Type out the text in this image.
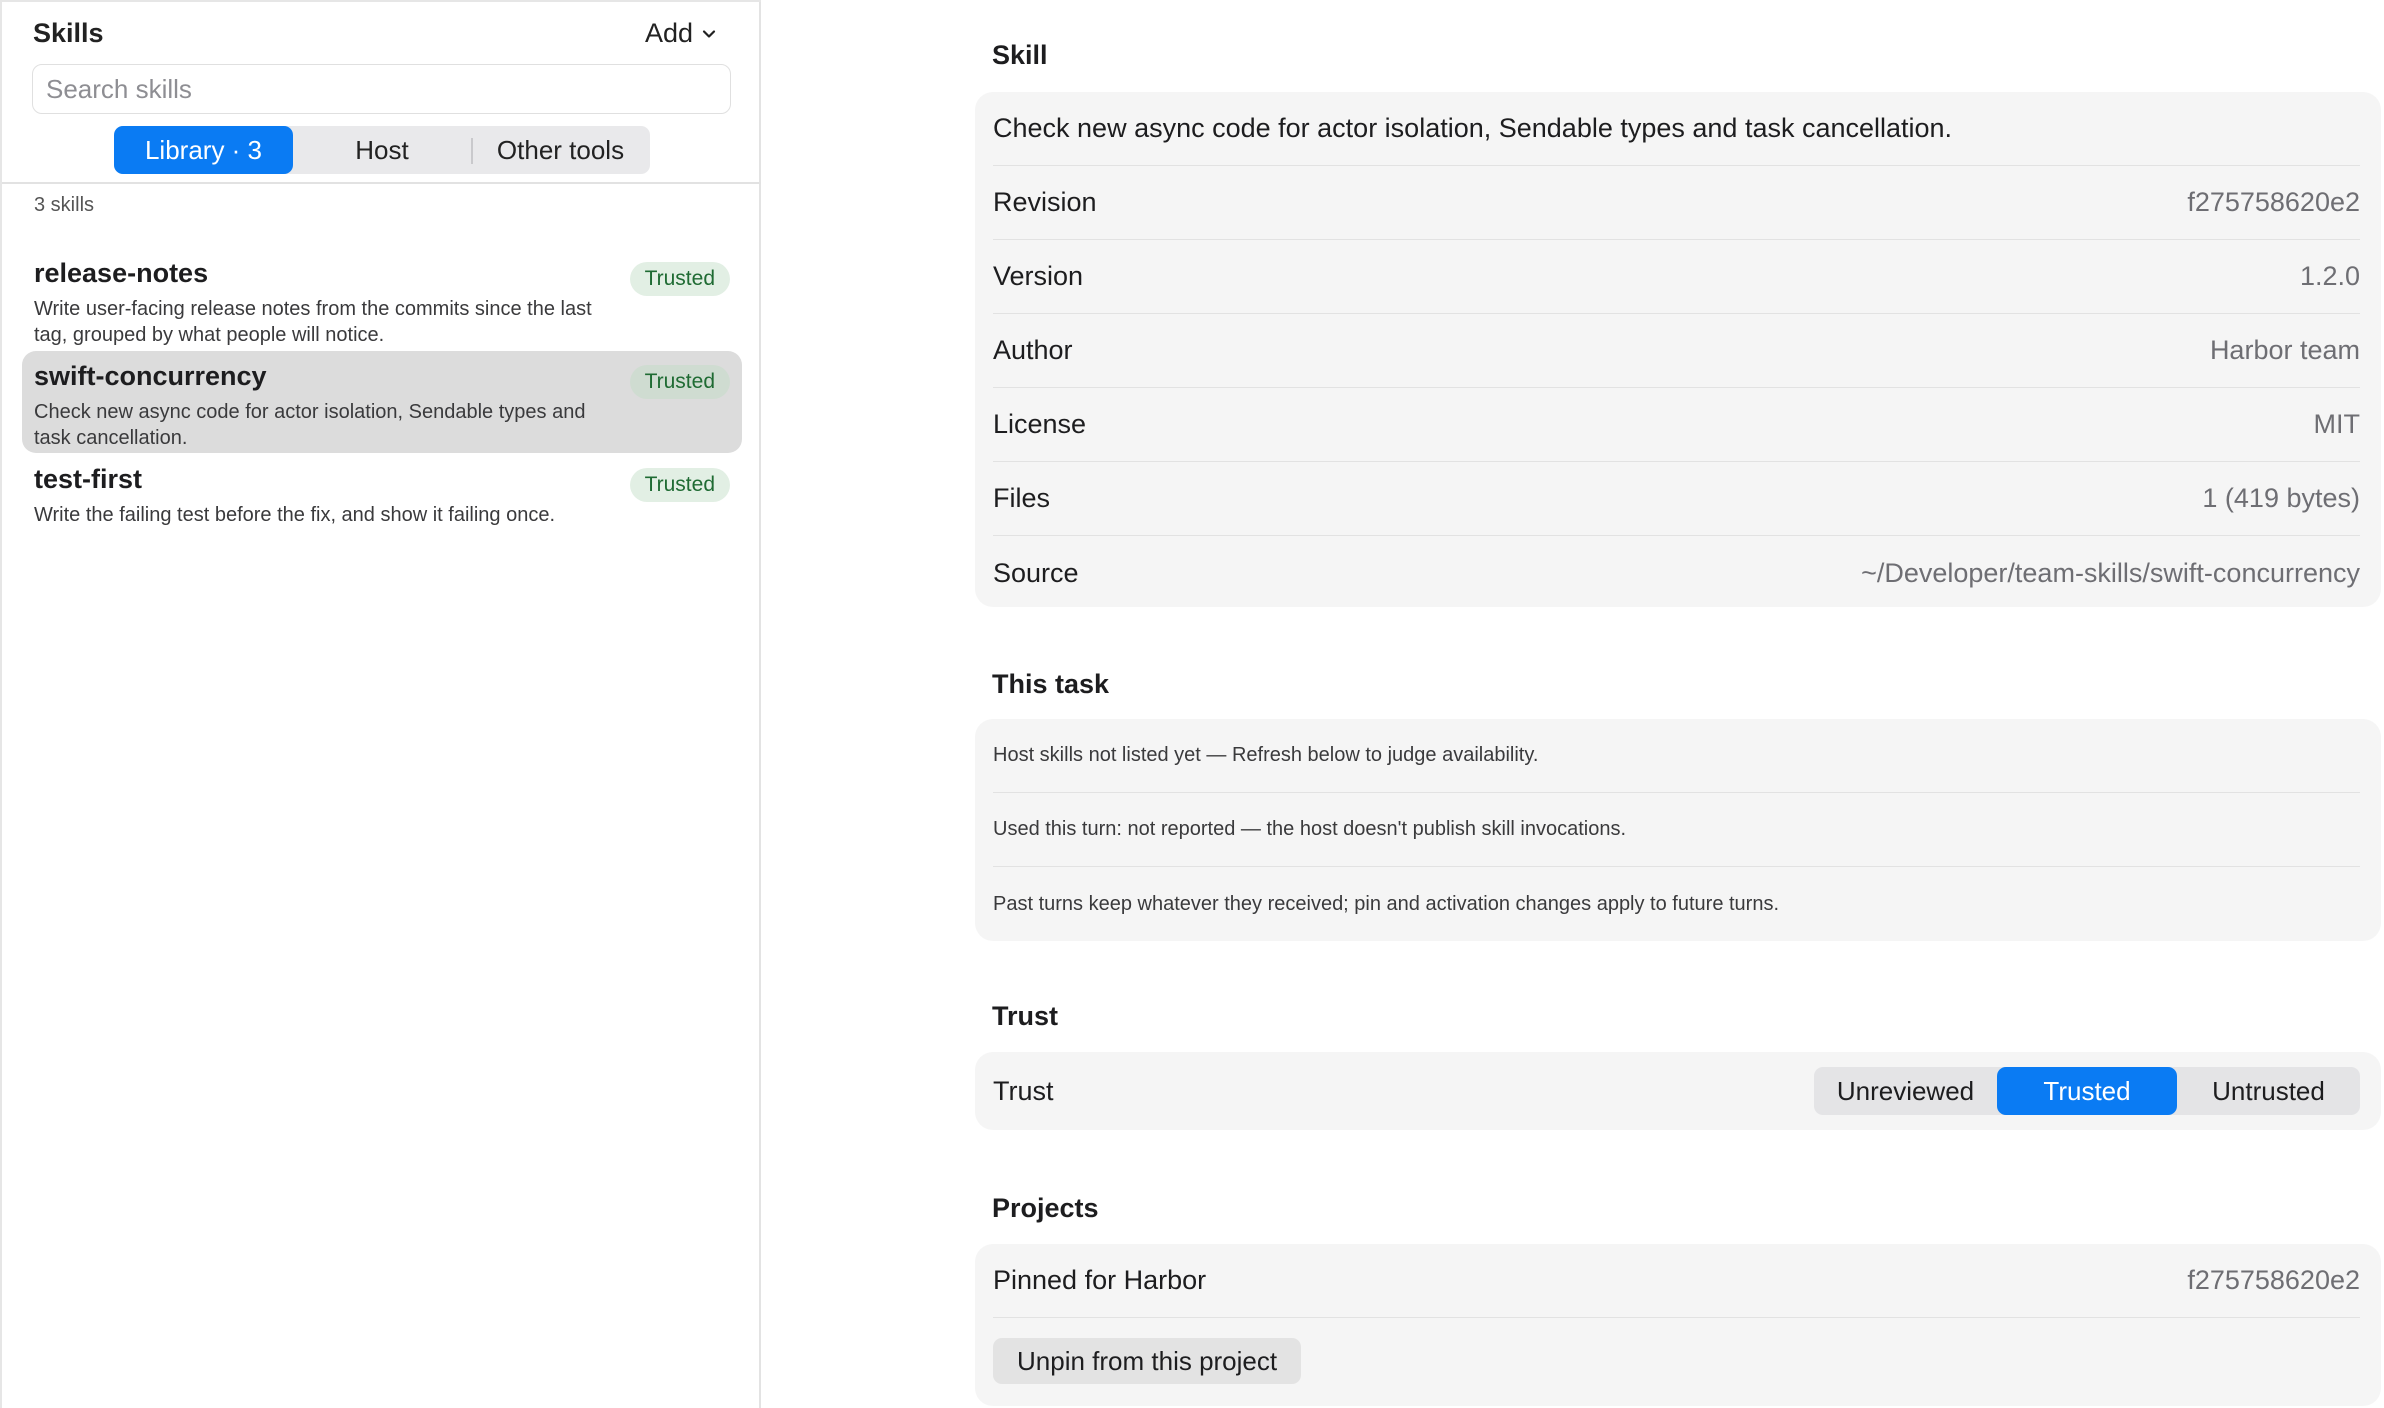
Skills	Add
Search skills
Library · 3	Host	Other tools
3 skills
release-notes
Write user-facing release notes from the commits since the last tag, grouped by what people will notice.
Trusted
swift-concurrency
Check new async code for actor isolation, Sendable types and task cancellation.
Trusted
test-first
Write the failing test before the fix, and show it failing once.
Trusted
Skill
Check new async code for actor isolation, Sendable types and task cancellation.
Revision	f275758620e2
Version	1.2.0
Author	Harbor team
License	MIT
Files	1 (419 bytes)
Source	~/Developer/team-skills/swift-concurrency
This task
Host skills not listed yet — Refresh below to judge availability.
Used this turn: not reported — the host doesn't publish skill invocations.
Past turns keep whatever they received; pin and activation changes apply to future turns.
Trust
Trust	Unreviewed	Trusted	Untrusted
Projects
Pinned for Harbor	f275758620e2
Unpin from this project
